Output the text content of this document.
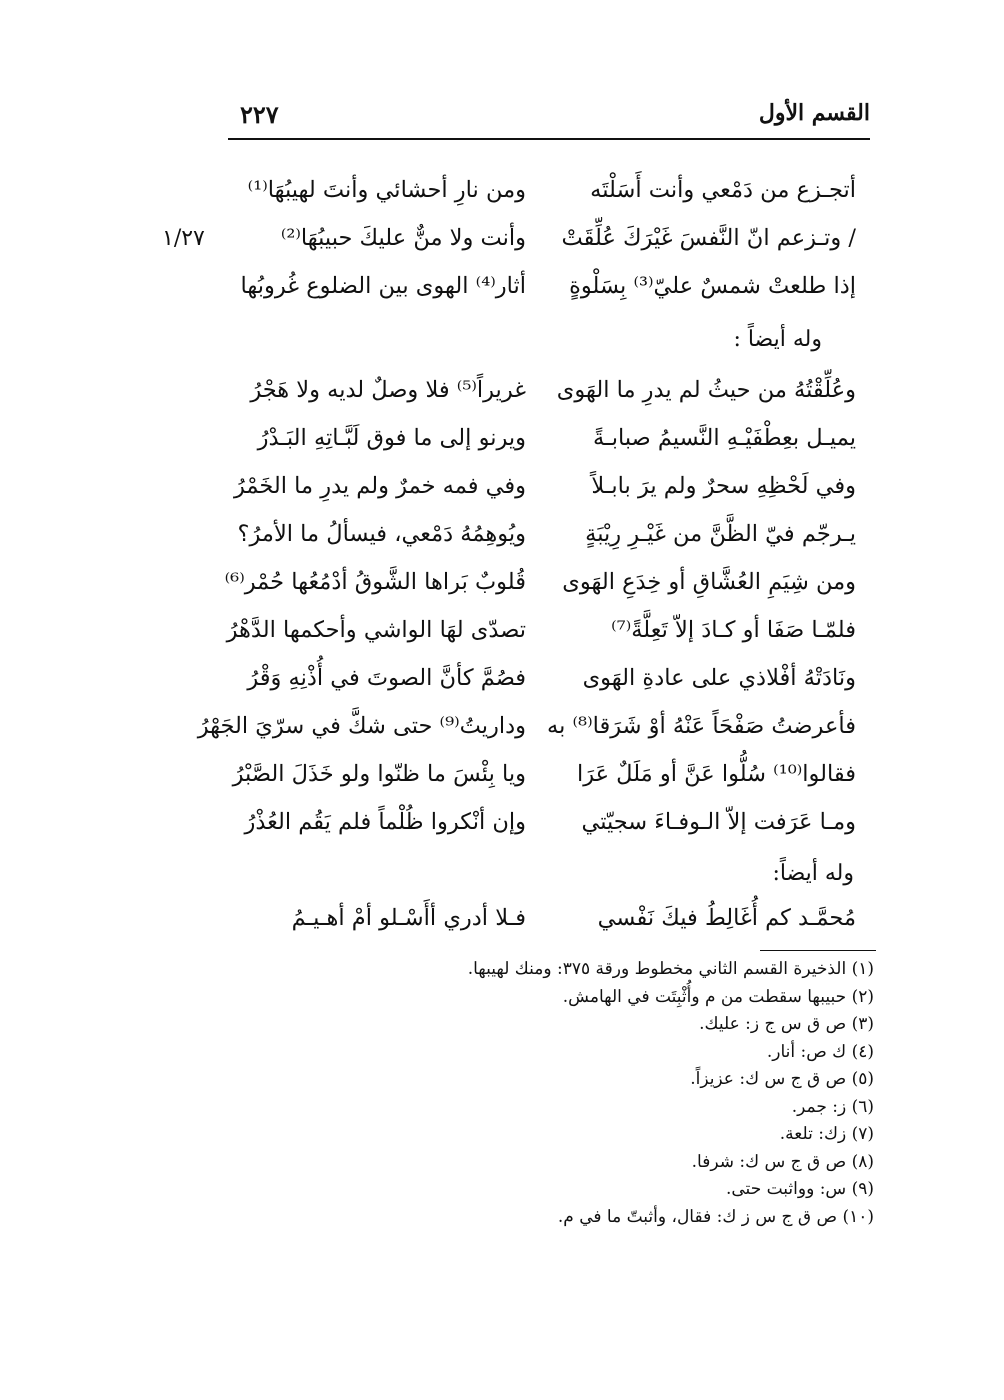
القسم الأول
٢٢٧
١/٢٧
أتجـزع من دَمْعي وأنت أَسَلْتَه
ومن نارِ أحشائي وأنتَ لهيبُهَا⁽¹⁾
/ وتـزعم انّ النَّفسَ غَيْرَكَ عُلِّقَتْ
وأنت ولا منٌّ عليكَ حبيبُهَا⁽²⁾
إذا طلعتْ شمسٌ عليّ⁽³⁾ بِسَلْوةٍ
أثار⁽⁴⁾ الهوى بين الضلوع غُروبُها
وله أيضاً :
وعُلِّقْتُهُ من حيثُ لم يدرِ ما الهَوى
غريراً⁽⁵⁾ فلا وصلٌ لديه ولا هَجْرُ
يميـل بعِطْفَيْـهِ النَّسيمُ صبابـةً
ويرنو إلى ما فوق لَبَّـاتِهِ البَـدْرُ
وفي لَحْظِهِ سحرٌ ولم يرَ بابـلاً
وفي فمه خمرٌ ولم يدرِ ما الخَمْرُ
يـرجّم فيّ الظَّنَّ من غَيْـرِ رِيْبَةٍ
ويُوهِمُهُ دَمْعي، فيسألُ ما الأمرُ؟
ومن شِيَمِ العُشَّاقِ أو خِدَعِ الهَوى
قُلوبٌ بَراها الشَّوقُ أدْمُعُها حُمْر⁽⁶⁾
فلمّـا صَفَا أو كـادَ إلاّ تَعِلَّةً⁽⁷⁾
تصدّى لهَا الواشي وأحكمها الدَّهْرُ
ونَادَتْهُ أفْلاذي على عادةِ الهَوى
فصُمَّ كأنَّ الصوتَ في أُذْنِهِ وَقْرُ
فأعرضتُ صَفْحَاً عَنْهُ أوْ شَرَقا⁽⁸⁾ به
وداريتُ⁽⁹⁾ حتى شكَّ في سرّيَ الجَهْرُ
فقالوا⁽¹⁰⁾ سُلُّوا عَنَّ أو مَلَلٌ عَرَا
ويا بِئْسَ ما ظنّوا ولو خَذَلَ الصَّبْرُ
ومـا عَرَفت إلاّ الـوفـاءَ سجيّتي
وإن أنْكروا ظُلْماً فلم يَقُم العُذْرُ
وله أيضاً:
مُحمَّـد كم أُغَالِطُ فيكَ نَفْسي
فـلا أدري أأَسْـلو أمْ أهـيـمُ
(١) الذخيرة القسم الثاني مخطوط ورقة ٣٧٥: ومنك لهيبها.
(٢) حبيبها سقطت من م وأُثْبِتَت في الهامش.
(٣) ص ق س ج ز: عليك.
(٤) ك ص: أنار.
(٥) ص ق ج س ك: عزيزاً.
(٦) ز: جمر.
(٧) زك: تلعة.
(٨) ص ق ج س ك: شرفا.
(٩) س: وواثبت حتى.
(١٠) ص ق ج س ز ك: فقال، وأثبتّ ما في م.
